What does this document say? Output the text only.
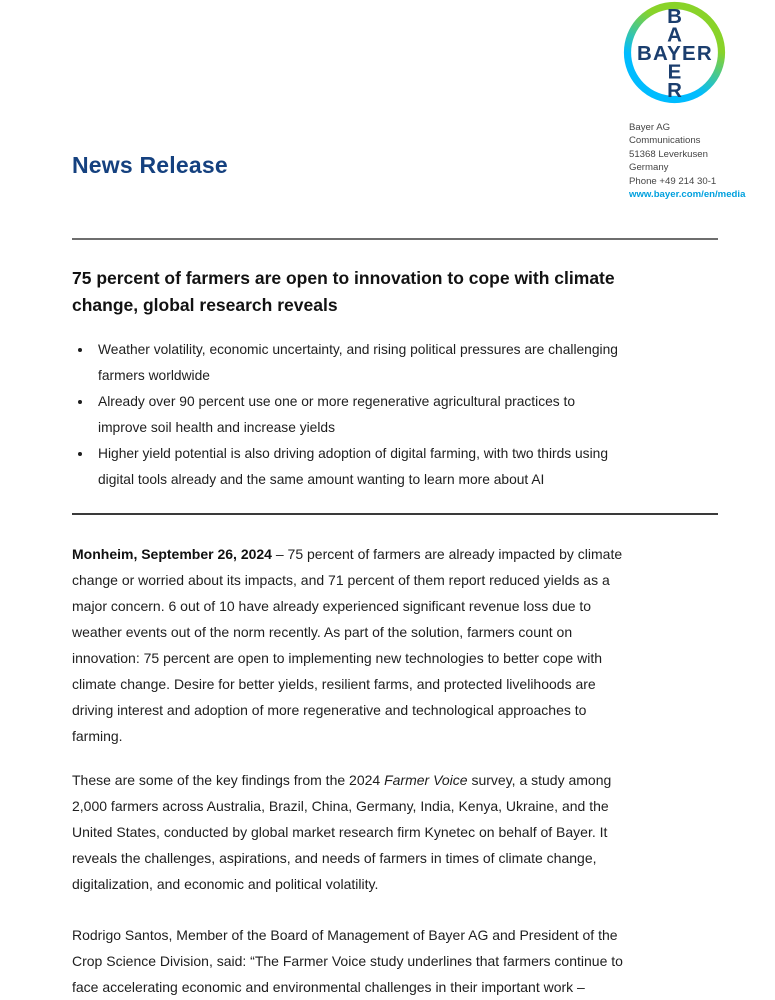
B
A
BAYER
E
R
Bayer AG
Communications
51368 Leverkusen
Germany
Phone +49 214 30-1
www.bayer.com/en/media
News Release
75 percent of farmers are open to innovation to cope with climate
change, global research reveals
• Weather volatility, economic uncertainty, and rising political pressures are challenging
farmers worldwide
• Already over 90 percent use one or more regenerative agricultural practices to
improve soil health and increase yields
• Higher yield potential is also driving adoption of digital farming, with two thirds using
digital tools already and the same amount wanting to learn more about AI

Monheim, September 26, 2024 – 75 percent of farmers are already impacted by climate
change or worried about its impacts, and 71 percent of them report reduced yields as a
major concern. 6 out of 10 have already experienced significant revenue loss due to
weather events out of the norm recently. As part of the solution, farmers count on
innovation: 75 percent are open to implementing new technologies to better cope with
climate change. Desire for better yields, resilient farms, and protected livelihoods are
driving interest and adoption of more regenerative and technological approaches to
farming.

These are some of the key findings from the 2024 Farmer Voice survey, a study among
2,000 farmers across Australia, Brazil, China, Germany, India, Kenya, Ukraine, and the
United States, conducted by global market research firm Kynetec on behalf of Bayer. It
reveals the challenges, aspirations, and needs of farmers in times of climate change,
digitalization, and economic and political volatility.

Rodrigo Santos, Member of the Board of Management of Bayer AG and President of the
Crop Science Division, said: “The Farmer Voice study underlines that farmers continue to
face accelerating economic and environmental challenges in their important work –
